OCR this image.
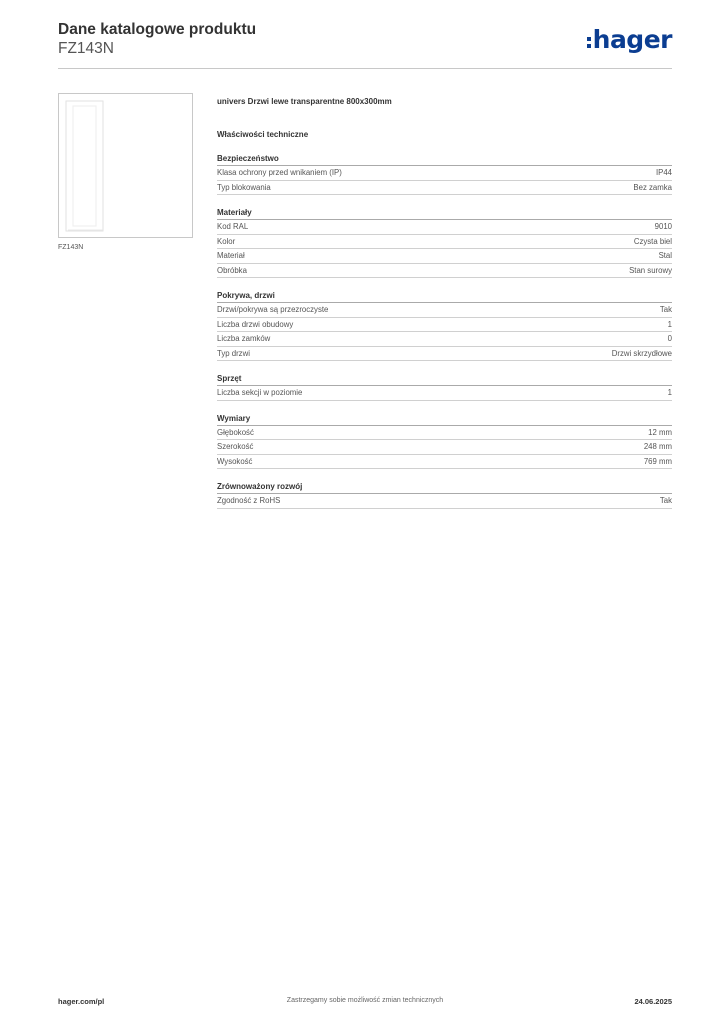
Dane katalogowe produktu
FZ143N	hager
FZ143N
univers Drzwi lewe transparentne 800x300mm
Właściwości techniczne
Bezpieczeństwo
Klasa ochrony przed wnikaniem (IP)	IP44
Typ blokowania	Bez zamka
Materiały
Kod RAL	9010
Kolor	Czysta biel
Materiał	Stal
Obróbka	Stan surowy
Pokrywa, drzwi
Drzwi/pokrywa są przezroczyste	Tak
Liczba drzwi obudowy	1
Liczba zamków	0
Typ drzwi	Drzwi skrzydłowe
Sprzęt
Liczba sekcji w poziomie	1
Wymiary
Głębokość	12 mm
Szerokość	248 mm
Wysokość	769 mm
Zrównoważony rozwój
Zgodność z RoHS	Tak
hager.com/pl	Zastrzegamy sobie możliwość zmian technicznych	24.06.2025
